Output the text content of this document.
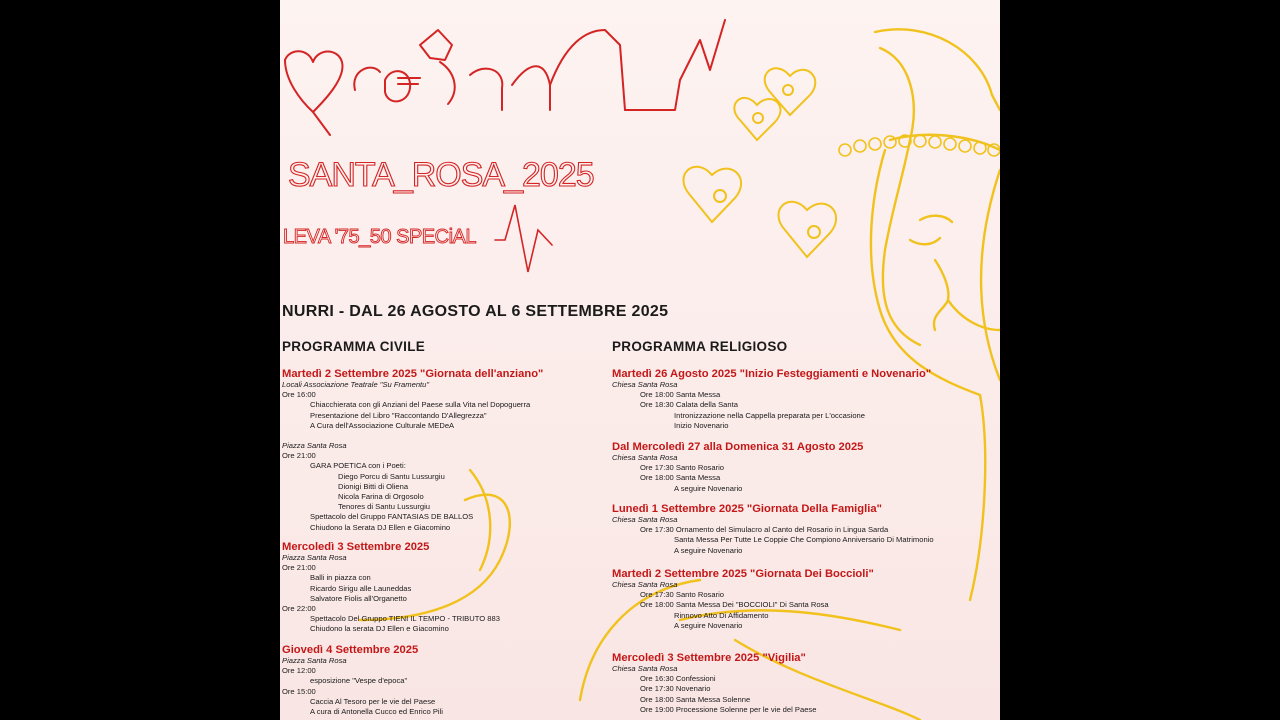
SANTA_ROSA_2025
LEVA '75_50 SPECiAL
NURRI - DAL 26 AGOSTO AL 6 SETTEMBRE 2025
PROGRAMMA CIVILE
Martedì 2 Settembre 2025 "Giornata dell'anziano"
Locali Associazione Teatrale "Su Framentu"
Ore 16:00
Chiacchierata con gli Anziani del Paese sulla Vita nel Dopoguerra
Presentazione del Libro "Raccontando D'Allegrezza"
A Cura dell'Associazione Culturale MEDeA
Piazza Santa Rosa
Ore 21:00
GARA POETICA con i Poeti:
Diego Porcu di Santu Lussurgiu
Dionigi Bitti di Oliena
Nicola Farina di Orgosolo
Tenores di Santu Lussurgiu
Spettacolo del Gruppo FANTASIAS DE BALLOS
Chiudono la Serata DJ Ellen e Giacomino
Mercoledì 3 Settembre 2025
Piazza Santa Rosa
Ore 21:00
Balli in piazza con
Ricardo Sirigu alle Launeddas
Salvatore Fiolis all'Organetto
Ore 22:00
Spettacolo Del Gruppo TIENI IL TEMPO - TRIBUTO 883
Chiudono la serata DJ Ellen e Giacomino
Giovedì 4 Settembre 2025
Piazza Santa Rosa
Ore 12:00
esposizione "Vespe d'epoca"
Ore 15:00
Caccia Al Tesoro per le vie del Paese
A cura di Antonella Cucco ed Enrico Pili
PROGRAMMA RELIGIOSO
Martedì 26 Agosto 2025 "Inizio Festeggiamenti e Novenario"
Chiesa Santa Rosa
Ore 18:00 Santa Messa
Ore 18:30 Calata della Santa
Intronizzazione nella Cappella preparata per L'occasione
Inizio Novenario
Dal Mercoledì 27 alla Domenica 31 Agosto 2025
Chiesa Santa Rosa
Ore 17:30 Santo Rosario
Ore 18:00 Santa Messa
A seguire Novenario
Lunedì 1 Settembre 2025 "Giornata Della Famiglia"
Chiesa Santa Rosa
Ore 17:30 Ornamento del Simulacro al Canto del Rosario in Lingua Sarda
Santa Messa Per Tutte Le Coppie Che Compiono Anniversario Di Matrimonio
A seguire Novenario
Martedì 2 Settembre 2025 "Giornata Dei Boccioli"
Chiesa Santa Rosa
Ore 17:30 Santo Rosario
Ore 18:00 Santa Messa Dei "BOCCIOLI" Di Santa Rosa
Rinnovo Atto Di Affidamento
A seguire Novenario
Mercoledì 3 Settembre 2025 "Vigilia"
Chiesa Santa Rosa
Ore 16:30 Confessioni
Ore 17:30 Novenario
Ore 18:00 Santa Messa Solenne
Ore 19:00 Processione Solenne per le vie del Paese
